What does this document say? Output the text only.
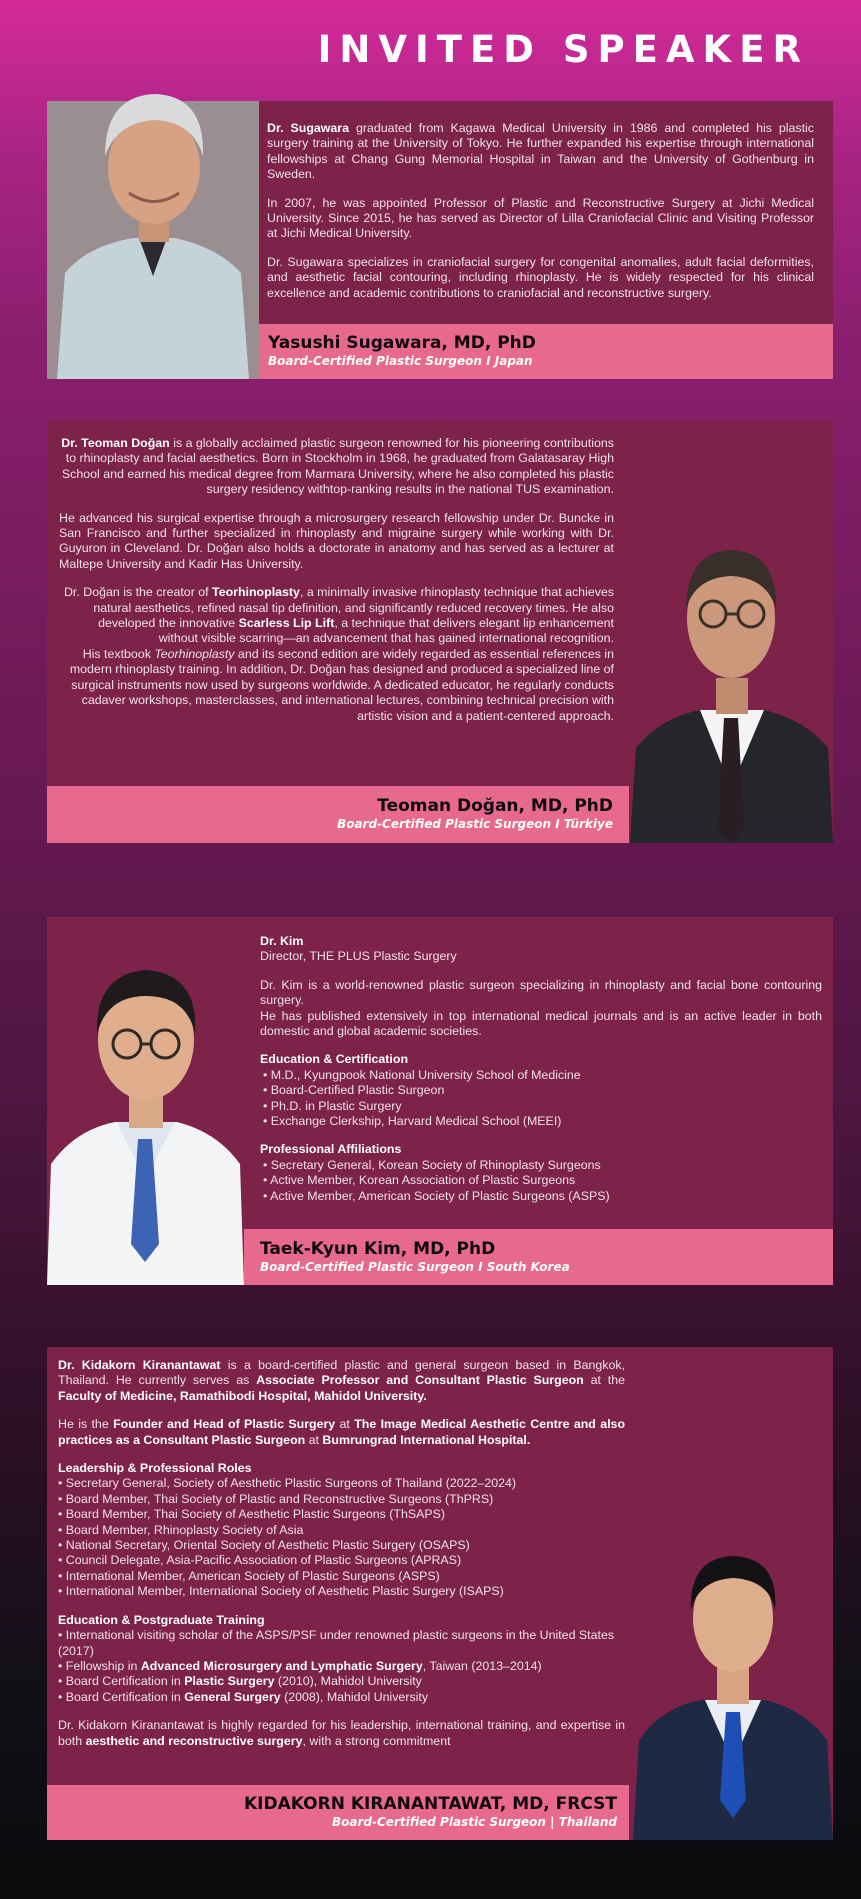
INVITED SPEAKER

Dr. Sugawara graduated from Kagawa Medical University in 1986 and completed his plastic surgery training at the University of Tokyo. He further expanded his expertise through international fellowships at Chang Gung Memorial Hospital in Taiwan and the University of Gothenburg in Sweden.

In 2007, he was appointed Professor of Plastic and Reconstructive Surgery at Jichi Medical University. Since 2015, he has served as Director of Lilla Craniofacial Clinic and Visiting Professor at Jichi Medical University.

Dr. Sugawara specializes in craniofacial surgery for congenital anomalies, adult facial deformities, and aesthetic facial contouring, including rhinoplasty. He is widely respected for his clinical excellence and academic contributions to craniofacial and reconstructive surgery.

Yasushi Sugawara, MD, PhD
Board-Certified Plastic Surgeon I Japan

Dr. Teoman Doğan is a globally acclaimed plastic surgeon renowned for his pioneering contributions to rhinoplasty and facial aesthetics. Born in Stockholm in 1968, he graduated from Galatasaray High School and earned his medical degree from Marmara University, where he also completed his plastic surgery residency withtop-ranking results in the national TUS examination.

He advanced his surgical expertise through a microsurgery research fellowship under Dr. Buncke in San Francisco and further specialized in rhinoplasty and migraine surgery while working with Dr. Guyuron in Cleveland. Dr. Doğan also holds a doctorate in anatomy and has served as a lecturer at Maltepe University and Kadir Has University.

Dr. Doğan is the creator of Teorhinoplasty, a minimally invasive rhinoplasty technique that achieves natural aesthetics, refined nasal tip definition, and significantly reduced recovery times. He also developed the innovative Scarless Lip Lift, a technique that delivers elegant lip enhancement without visible scarring—an advancement that has gained international recognition.

His textbook Teorhinoplasty and its second edition are widely regarded as essential references in modern rhinoplasty training. In addition, Dr. Doğan has designed and produced a specialized line of surgical instruments now used by surgeons worldwide. A dedicated educator, he regularly conducts cadaver workshops, masterclasses, and international lectures, combining technical precision with artistic vision and a patient-centered approach.

Teoman Doğan, MD, PhD
Board-Certified Plastic Surgeon I Türkiye
Dr. Kim
Director, THE PLUS Plastic Surgery
Dr. Kim is a world-renowned plastic surgeon specializing in rhinoplasty and facial bone contouring surgery.
He has published extensively in top international medical journals and is an active leader in both domestic and global academic societies.
Education & Certification
• M.D., Kyungpook National University School of Medicine
• Board-Certified Plastic Surgeon
• Ph.D. in Plastic Surgery
• Exchange Clerkship, Harvard Medical School (MEEI)
Professional Affiliations
• Secretary General, Korean Society of Rhinoplasty Surgeons
• Active Member, Korean Association of Plastic Surgeons
• Active Member, American Society of Plastic Surgeons (ASPS)
Taek-Kyun Kim, MD, PhD
Board-Certified Plastic Surgeon I South Korea

Dr. Kidakorn Kiranantawat is a board-certified plastic and general surgeon based in Bangkok, Thailand. He currently serves as Associate Professor and Consultant Plastic Surgeon at the Faculty of Medicine, Ramathibodi Hospital, Mahidol University.

He is the Founder and Head of Plastic Surgery at The Image Medical Aesthetic Centre and also practices as a Consultant Plastic Surgeon at Bumrungrad International Hospital.

Leadership & Professional Roles
• Secretary General, Society of Aesthetic Plastic Surgeons of Thailand (2022–2024)
• Board Member, Thai Society of Plastic and Reconstructive Surgeons (ThPRS)
• Board Member, Thai Society of Aesthetic Plastic Surgeons (ThSAPS)
• Board Member, Rhinoplasty Society of Asia
• National Secretary, Oriental Society of Aesthetic Plastic Surgery (OSAPS)
• Council Delegate, Asia-Pacific Association of Plastic Surgeons (APRAS)
• International Member, American Society of Plastic Surgeons (ASPS)
• International Member, International Society of Aesthetic Plastic Surgery (ISAPS)
Education & Postgraduate Training
• International visiting scholar of the ASPS/PSF under renowned plastic surgeons in the United States (2017)
• Fellowship in Advanced Microsurgery and Lymphatic Surgery, Taiwan (2013–2014)
• Board Certification in Plastic Surgery (2010), Mahidol University
• Board Certification in General Surgery (2008), Mahidol University

Dr. Kidakorn Kiranantawat is highly regarded for his leadership, international training, and expertise in both aesthetic and reconstructive surgery, with a strong commitment

KIDAKORN KIRANANTAWAT, MD, FRCST
Board-Certified Plastic Surgeon | Thailand
